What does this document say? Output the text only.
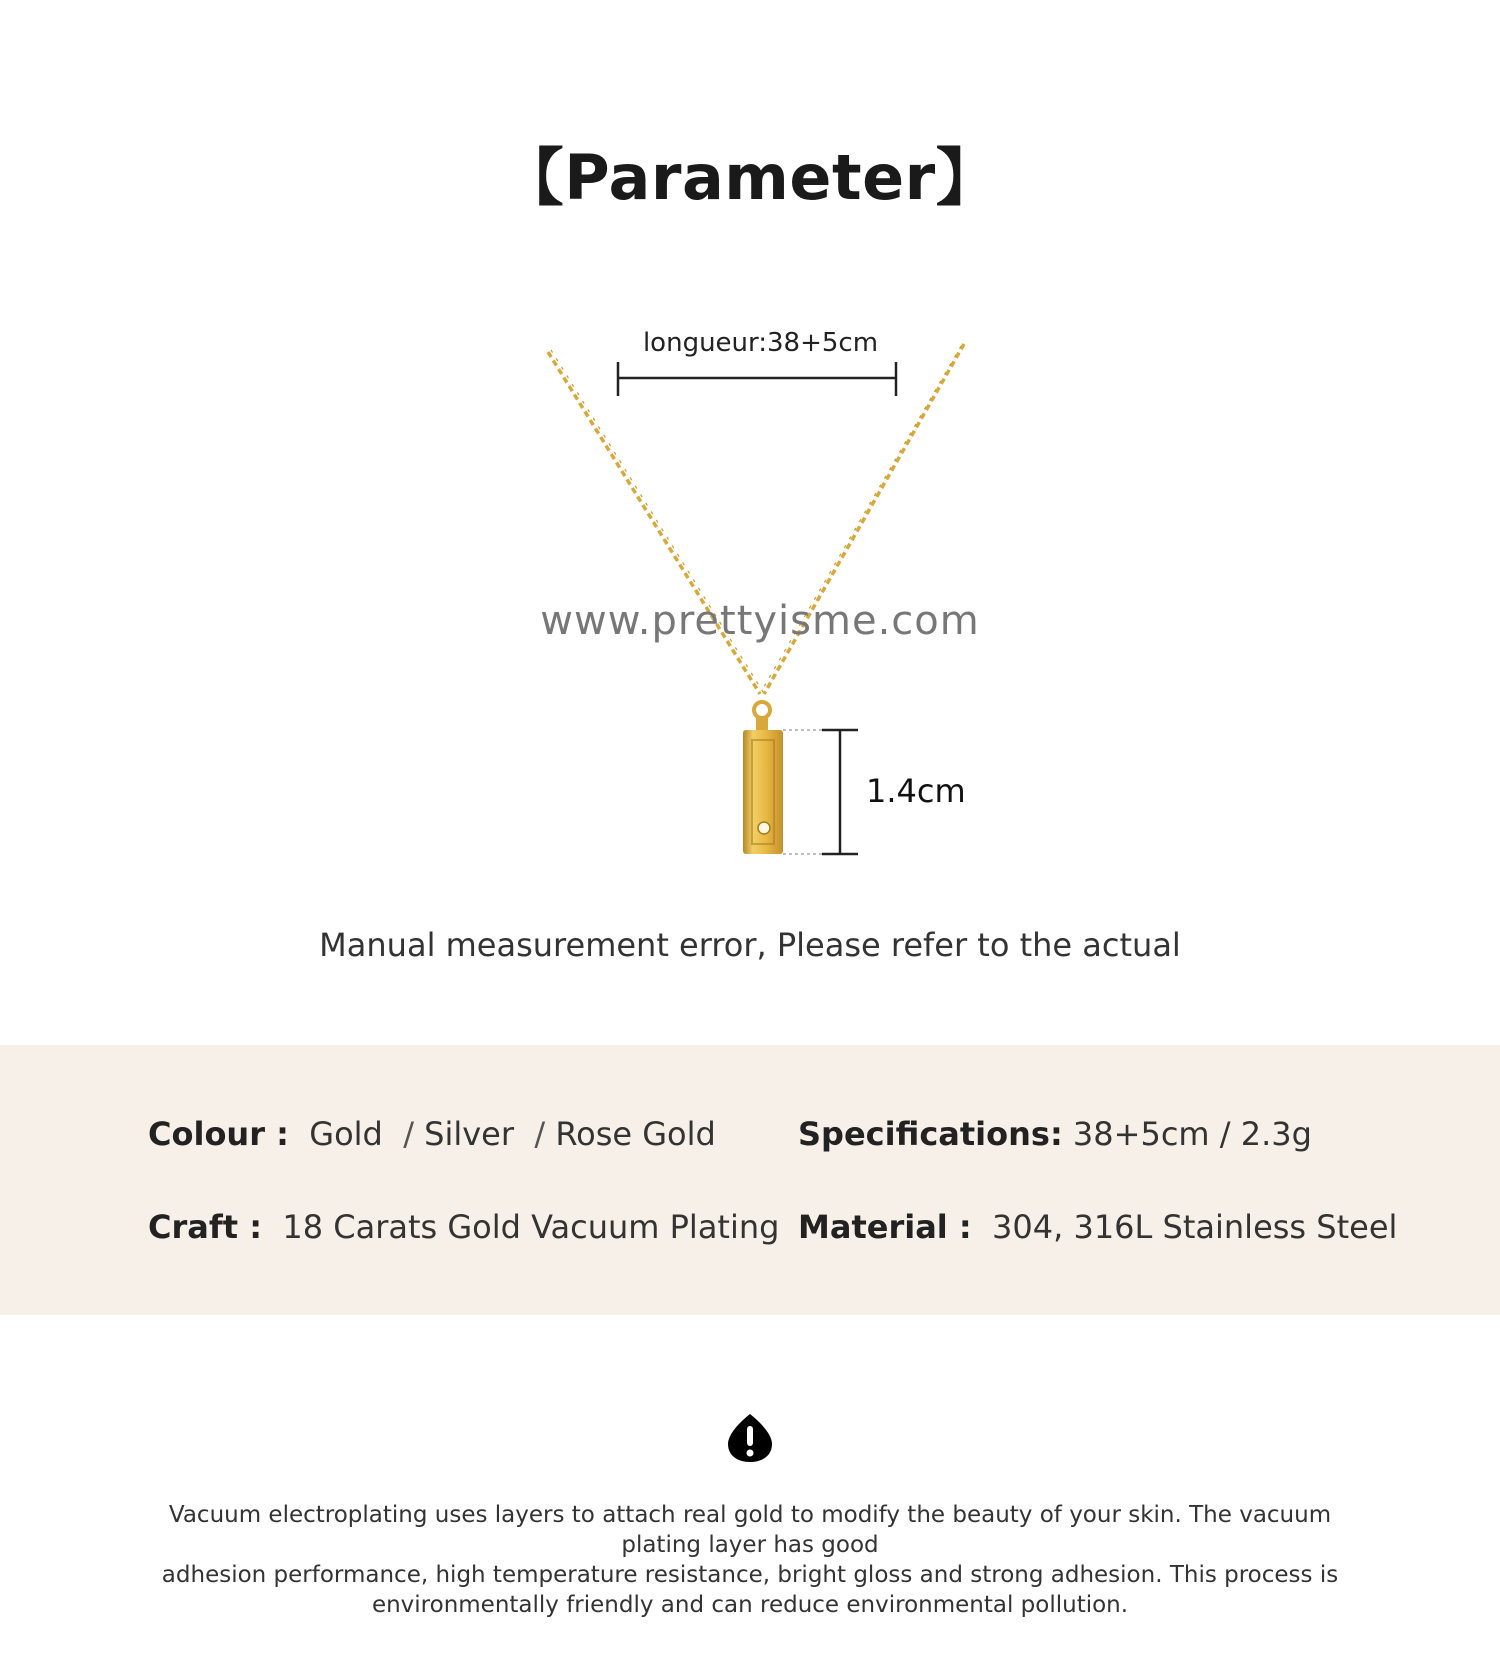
【Parameter】
longueur:38+5cm
www.prettyisme.com
1.4cm
Manual measurement error, Please refer to the actual
Colour : Gold / Silver / Rose Gold	Specifications: 38+5cm / 2.3g
Craft : 18 Carats Gold Vacuum Plating Material : 304, 316L Stainless Steel
Vacuum electroplating uses layers to attach real gold to modify the beauty of your skin. The vacuum plating layer has good
adhesion performance, high temperature resistance, bright gloss and strong adhesion. This process is
environmentally friendly and can reduce environmental pollution.
